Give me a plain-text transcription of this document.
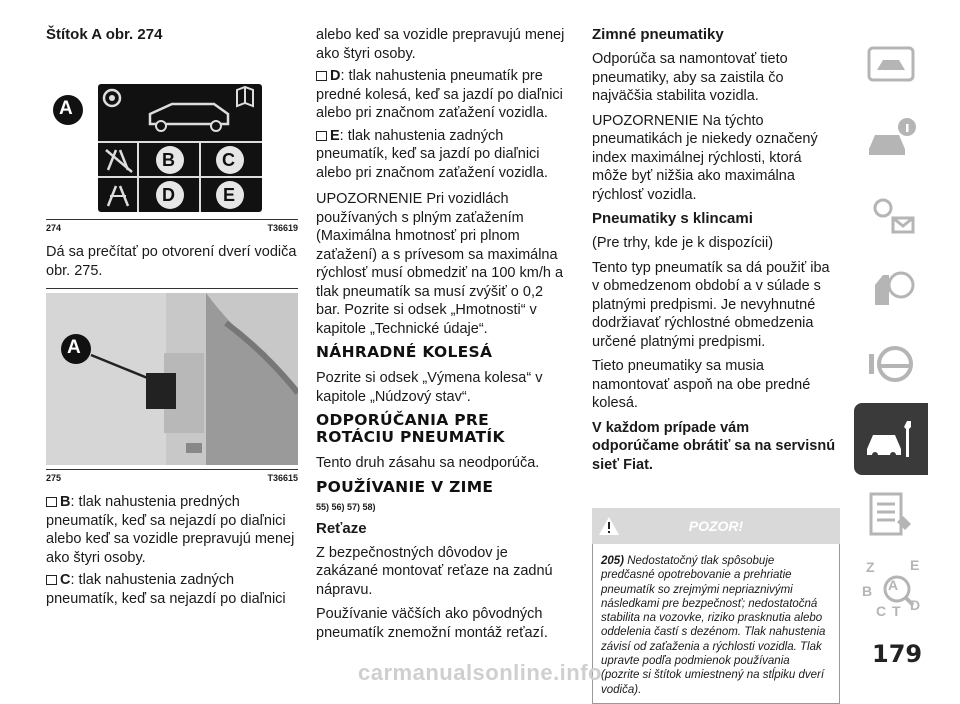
Štítok A obr. 274
A
B	C
D	E
274	T36619
Dá sa prečítať po otvorení dverí vodiča obr. 275.
A
275	T36615
B: tlak nahustenia predných pneumatík, keď sa nejazdí po diaľnici alebo keď sa vozidle prepravujú menej ako štyri osoby.
C: tlak nahustenia zadných pneumatík, keď sa nejazdí po diaľnici
alebo keď sa vozidle prepravujú menej ako štyri osoby.
D: tlak nahustenia pneumatík pre predné kolesá, keď sa jazdí po diaľnici alebo pri značnom zaťažení vozidla.
E: tlak nahustenia zadných pneumatík, keď sa jazdí po diaľnici alebo pri značnom zaťažení vozidla.
UPOZORNENIE Pri vozidlách používaných s plným zaťažením (Maximálna hmotnosť pri plnom zaťažení) a s prívesom sa maximálna rýchlosť musí obmedziť na 100 km/h a tlak pneumatík sa musí zvýšiť o 0,2 bar. Pozrite si odsek „Hmotnosti“ v kapitole „Technické údaje“.
NÁHRADNÉ KOLESÁ
Pozrite si odsek „Výmena kolesa“ v kapitole „Núdzový stav“.
ODPORÚČANIA PRE ROTÁCIU PNEUMATÍK
Tento druh zásahu sa neodporúča.
POUŽÍVANIE V ZIME
55) 56) 57) 58)
Reťaze
Z bezpečnostných dôvodov je zakázané montovať reťaze na zadnú nápravu.
Používanie väčších ako pôvodných pneumatík znemožní montáž reťazí.
Zimné pneumatiky
Odporúča sa namontovať tieto pneumatiky, aby sa zaistila čo najväčšia stabilita vozidla.
UPOZORNENIE Na týchto pneumatikách je niekedy označený index maximálnej rýchlosti, ktorá môže byť nižšia ako maximálna rýchlosť vozidla.
Pneumatiky s klincami
(Pre trhy, kde je k dispozícii)
Tento typ pneumatík sa dá použiť iba v obmedzenom období a v súlade s platnými predpismi. Je nevyhnutné dodržiavať rýchlostné obmedzenia určené platnými predpismi.
Tieto pneumatiky sa musia namontovať aspoň na obe predné kolesá.
V každom prípade vám odporúčame obrátiť sa na servisnú sieť Fiat.
POZOR!
205) Nedostatočný tlak spôsobuje predčasné opotrebovanie a prehriatie pneumatík so zrejmými nepriaznivými následkami pre bezpečnosť; nedostatočná stabilita na vozovke, riziko prasknutia alebo oddelenia častí s dezénom. Tlak nahustenia závisí od zaťaženia a rýchlosti vozidla. Tlak upravte podľa podmienok používania (pozrite si štítok umiestnený na stĺpiku dverí vodiča).
Z	E
B A
C T D
179
carmanualsonline.info
